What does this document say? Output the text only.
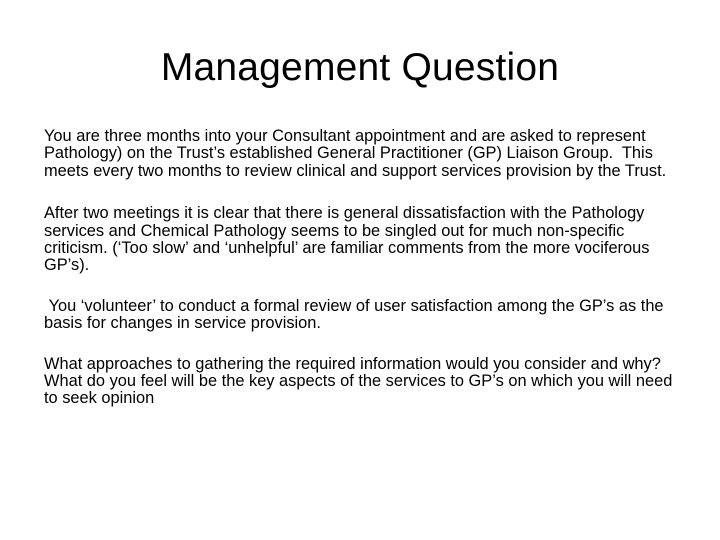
Management Question

You are three months into your Consultant appointment and are asked to represent Pathology) on the Trust’s established General Practitioner (GP) Liaison Group.  This meets every two months to review clinical and support services provision by the Trust.

After two meetings it is clear that there is general dissatisfaction with the Pathology services and Chemical Pathology seems to be singled out for much non-specific criticism. (‘Too slow’ and ‘unhelpful’ are familiar comments from the more vociferous GP’s).

You ‘volunteer’ to conduct a formal review of user satisfaction among the GP’s as the basis for changes in service provision.

What approaches to gathering the required information would you consider and why?  What do you feel will be the key aspects of the services to GP’s on which you will need to seek opinion
